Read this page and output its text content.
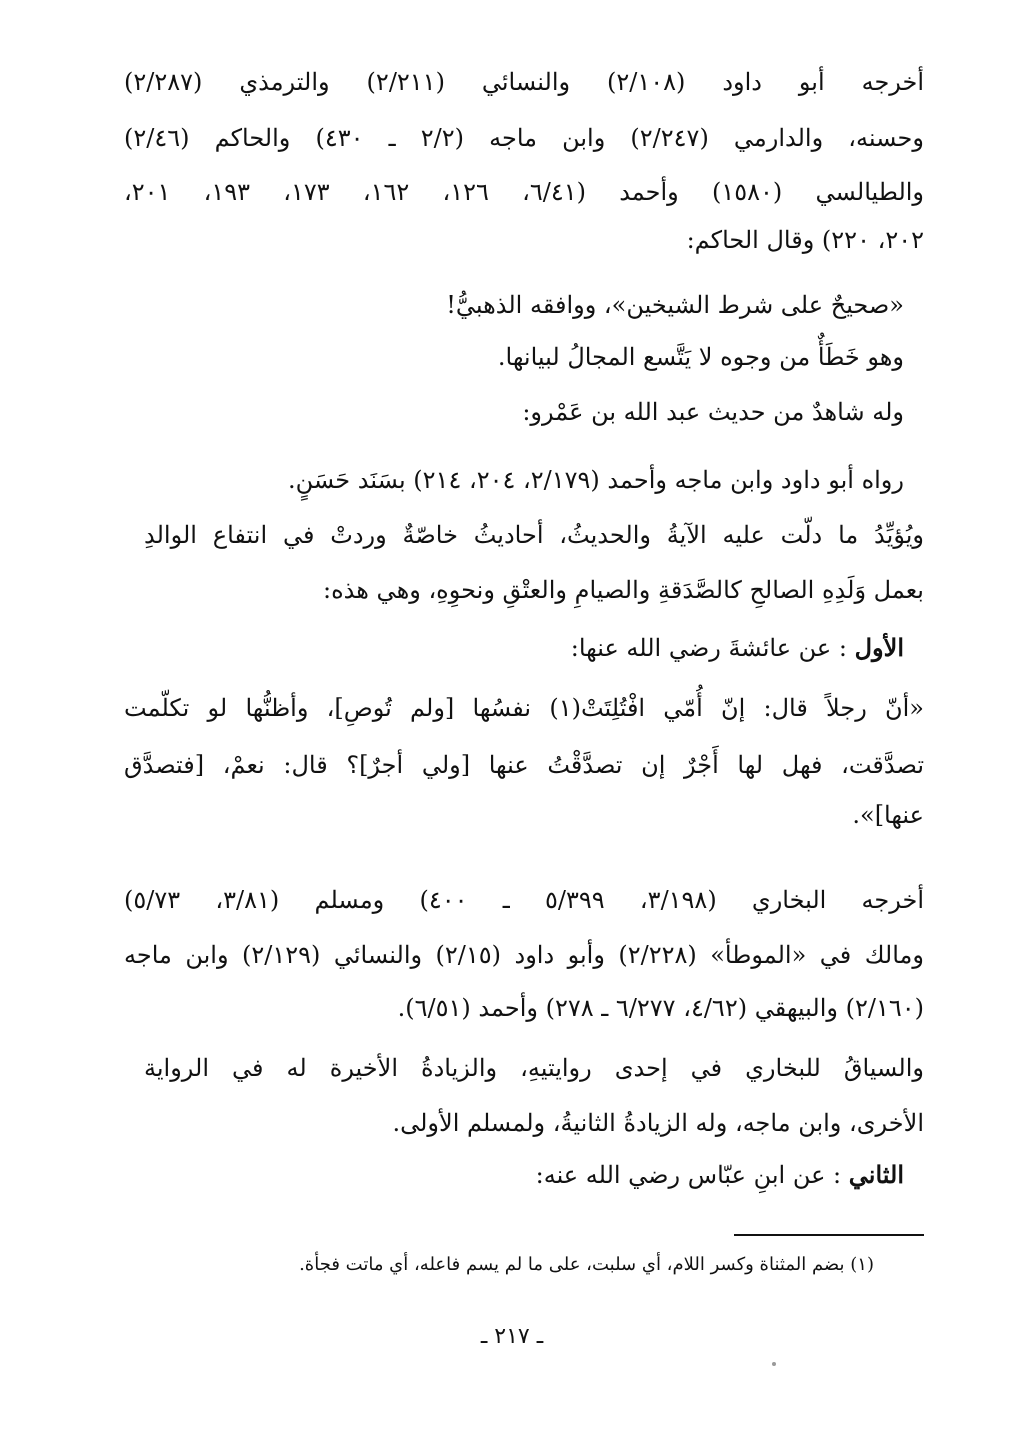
أخرجه أبو داود (٢/١٠٨) والنسائي (٢/٢١١) والترمذي (٢/٢٨٧)
وحسنه، والدارمي (٢/٢٤٧) وابن ماجه (٢/٢ ـ ٤٣٠) والحاكم (٢/٤٦)
والطيالسي (١٥٨٠) وأحمد (٦/٤١، ١٢٦، ١٦٢، ١٧٣، ١٩٣، ٢٠١،
٢٠٢، ٢٢٠) وقال الحاكم:
«صحيحٌ على شرط الشيخين»، ووافقه الذهبيُّ!
وهو خَطَأٌ من وجوه لا يَتَّسع المجالُ لبيانها.
وله شاهدٌ من حديث عبد الله بن عَمْرو:
رواه أبو داود وابن ماجه وأحمد (٢/١٧٩، ٢٠٤، ٢١٤) بسَنَد حَسَنٍ.
ويُؤيِّدُ ما دلّت عليه الآيةُ والحديثُ، أحاديثُ خاصّةٌ وردتْ في انتفاع الوالدِ
بعمل وَلَدِهِ الصالحِ كالصَّدَقةِ والصيامِ والعتْقِ ونحوِهِ، وهي هذه:
الأول : عن عائشةَ رضي الله عنها:
«أنّ رجلاً قال: إنّ أُمّي افْتُلِتَتْ(١) نفسُها [ولم تُوصِ]، وأظنُّها لو تكلّمت
تصدَّقت، فهل لها أَجْرٌ إن تصدَّقْتُ عنها [ولي أجرٌ]؟ قال: نعمْ، [فتصدَّق
عنها]».
أخرجه البخاري (٣/١٩٨، ٥/٣٩٩ ـ ٤٠٠) ومسلم (٣/٨١، ٥/٧٣)
ومالك في «الموطأ» (٢/٢٢٨) وأبو داود (٢/١٥) والنسائي (٢/١٢٩) وابن ماجه
(٢/١٦٠) والبيهقي (٤/٦٢، ٦/٢٧٧ ـ ٢٧٨) وأحمد (٦/٥١).
والسياقُ للبخاري في إحدى روايتيهِ، والزيادةُ الأخيرة له في الرواية
الأخرى، وابن ماجه، وله الزيادةُ الثانيةُ، ولمسلم الأولى.
الثاني : عن ابنِ عبّاس رضي الله عنه:
(١) بضم المثناة وكسر اللام، أي سلبت، على ما لم يسم فاعله، أي ماتت فجأة.
ـ ٢١٧ ـ
